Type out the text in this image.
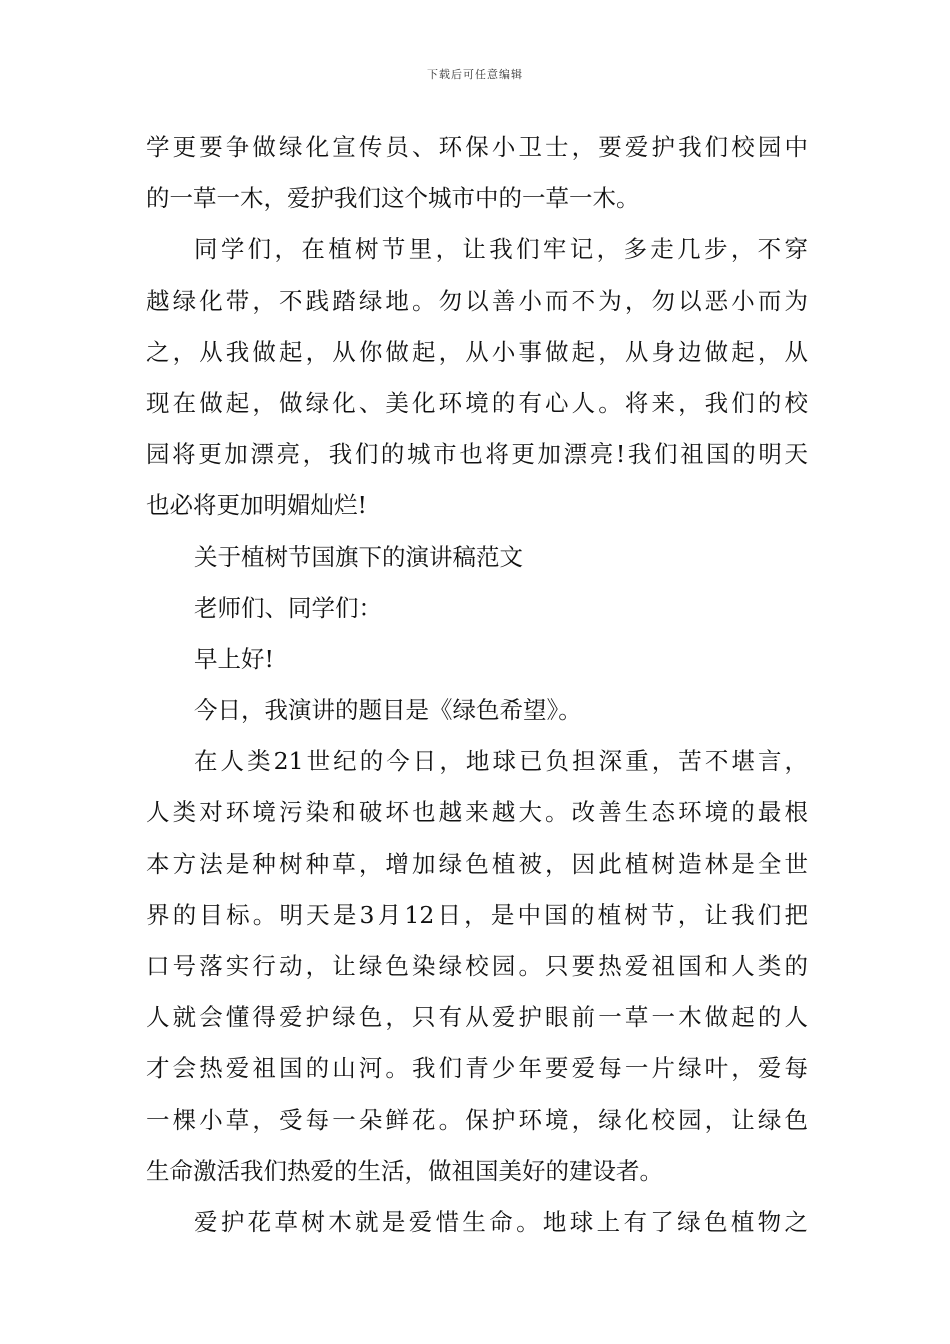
下载后可任意编辑
学更要争做绿化宣传员、环保小卫士，要爱护我们校园中
的一草一木，爱护我们这个城市中的一草一木。
同学们，在植树节里，让我们牢记，多走几步，不穿
越绿化带，不践踏绿地。勿以善小而不为，勿以恶小而为
之，从我做起，从你做起，从小事做起，从身边做起，从
现在做起，做绿化、美化环境的有心人。将来，我们的校
园将更加漂亮，我们的城市也将更加漂亮!我们祖国的明天
也必将更加明媚灿烂!
关于植树节国旗下的演讲稿范文
老师们、同学们：
早上好!
今日，我演讲的题目是《绿色希望》。
在人类21世纪的今日，地球已负担深重，苦不堪言，
人类对环境污染和破坏也越来越大。改善生态环境的最根
本方法是种树种草，增加绿色植被，因此植树造林是全世
界的目标。明天是3月12日，是中国的植树节，让我们把
口号落实行动，让绿色染绿校园。只要热爱祖国和人类的
人就会懂得爱护绿色，只有从爱护眼前一草一木做起的人
才会热爱祖国的山河。我们青少年要爱每一片绿叶，爱每
一棵小草，受每一朵鲜花。保护环境，绿化校园，让绿色
生命激活我们热爱的生活，做祖国美好的建设者。
爱护花草树木就是爱惜生命。地球上有了绿色植物之
